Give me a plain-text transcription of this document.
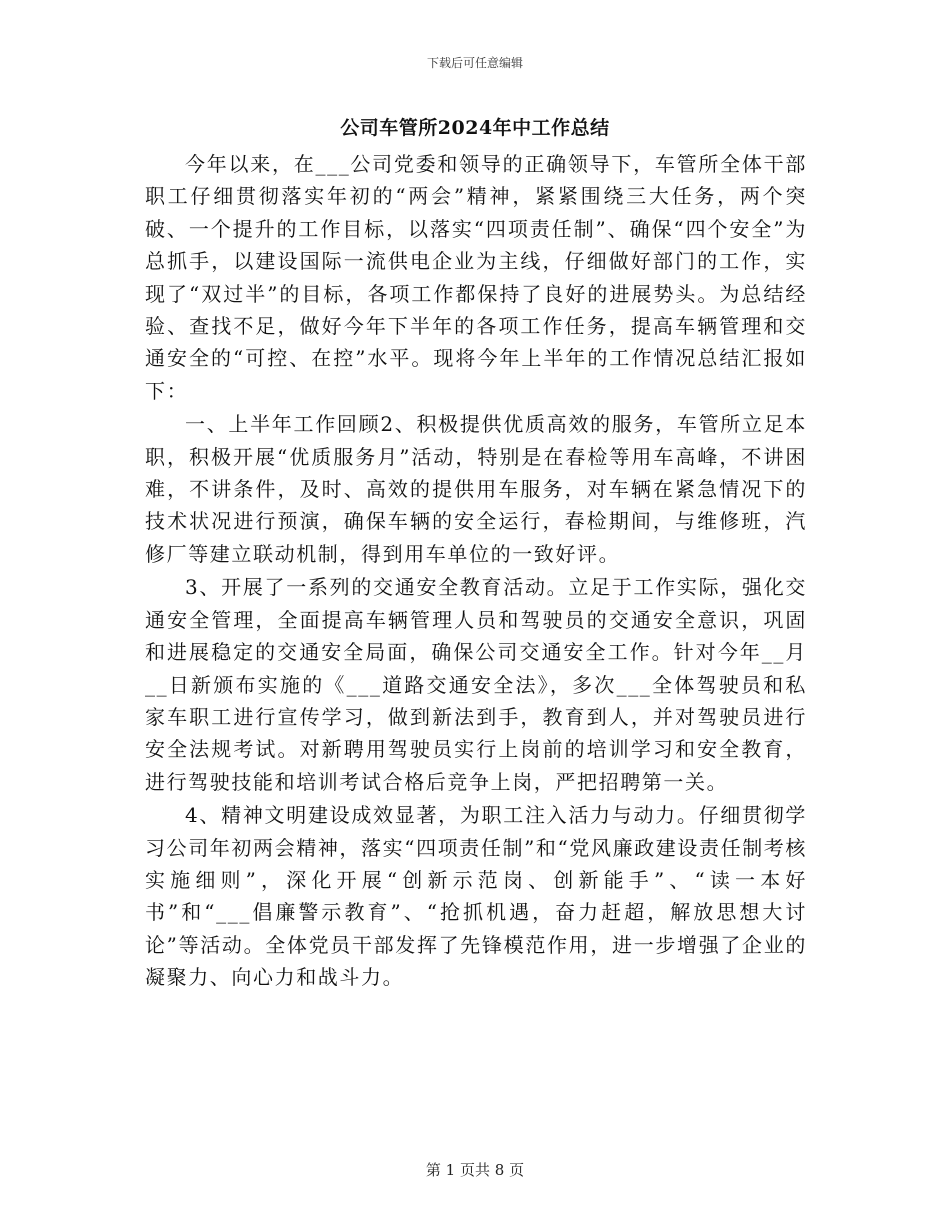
下载后可任意编辑
公司车管所2024年中工作总结

今年以来，在___公司党委和领导的正确领导下，车管所全体干部职工仔细贯彻落实年初的“两会”精神，紧紧围绕三大任务，两个突破、一个提升的工作目标，以落实“四项责任制”、确保“四个安全”为总抓手，以建设国际一流供电企业为主线，仔细做好部门的工作，实现了“双过半”的目标，各项工作都保持了良好的进展势头。为总结经验、查找不足，做好今年下半年的各项工作任务，提高车辆管理和交通安全的“可控、在控”水平。现将今年上半年的工作情况总结汇报如下：

一、上半年工作回顾2、积极提供优质高效的服务，车管所立足本职，积极开展“优质服务月”活动，特别是在春检等用车高峰，不讲困难，不讲条件，及时、高效的提供用车服务，对车辆在紧急情况下的技术状况进行预演，确保车辆的安全运行，春检期间，与维修班，汽修厂等建立联动机制，得到用车单位的一致好评。

3、开展了一系列的交通安全教育活动。立足于工作实际，强化交通安全管理，全面提高车辆管理人员和驾驶员的交通安全意识，巩固和进展稳定的交通安全局面，确保公司交通安全工作。针对今年__月__日新颁布实施的《___道路交通安全法》，多次___全体驾驶员和私家车职工进行宣传学习，做到新法到手，教育到人，并对驾驶员进行安全法规考试。对新聘用驾驶员实行上岗前的培训学习和安全教育，进行驾驶技能和培训考试合格后竞争上岗，严把招聘第一关。

4、精神文明建设成效显著，为职工注入活力与动力。仔细贯彻学习公司年初两会精神，落实“四项责任制”和“党风廉政建设责任制考核实施细则”，深化开展“创新示范岗、创新能手”、“读一本好书”和“___倡廉警示教育”、“抢抓机遇，奋力赶超，解放思想大讨论”等活动。全体党员干部发挥了先锋模范作用，进一步增强了企业的凝聚力、向心力和战斗力。

第 1 页共 8 页
